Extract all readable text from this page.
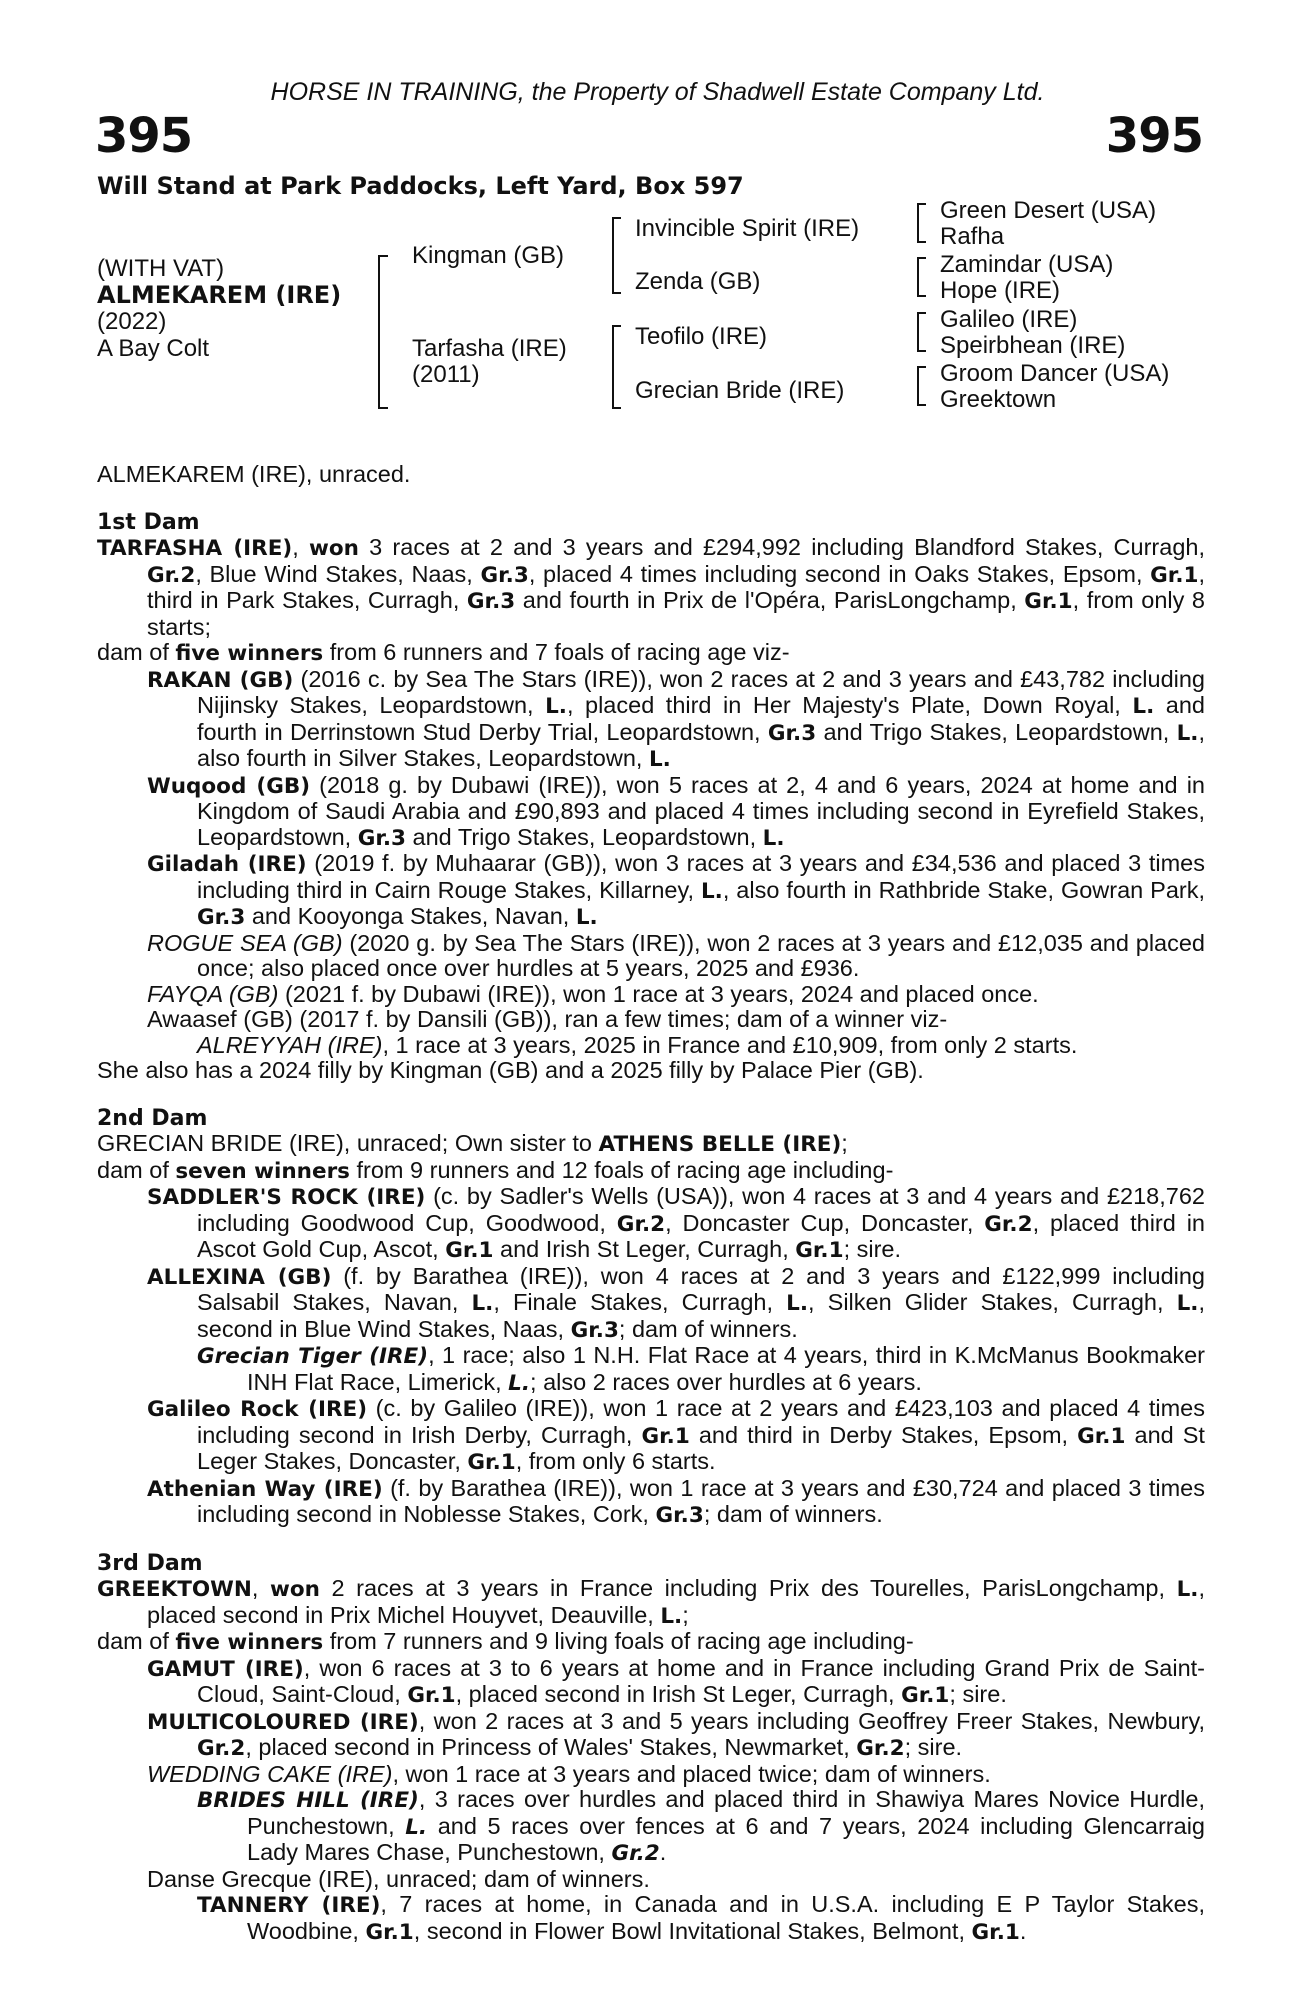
HORSE IN TRAINING, the Property of Shadwell Estate Company Ltd.
395	395
Will Stand at Park Paddocks, Left Yard, Box 597
(WITH VAT)
ALMEKAREM (IRE)
(2022)
A Bay Colt
Kingman (GB)
Tarfasha (IRE)
(2011)
Invincible Spirit (IRE)
Zenda (GB)
Teofilo (IRE)
Grecian Bride (IRE)
Green Desert (USA)
Rafha
Zamindar (USA)
Hope (IRE)
Galileo (IRE)
Speirbhean (IRE)
Groom Dancer (USA)
Greektown

ALMEKAREM (IRE), unraced.

1st Dam

TARFASHA (IRE), won 3 races at 2 and 3 years and £294,992 including Blandford Stakes, Curragh, Gr.2, Blue Wind Stakes, Naas, Gr.3, placed 4 times including second in Oaks Stakes, Epsom, Gr.1, third in Park Stakes, Curragh, Gr.3 and fourth in Prix de l'Opéra, ParisLongchamp, Gr.1, from only 8 starts;

dam of five winners from 6 runners and 7 foals of racing age viz-

RAKAN (GB) (2016 c. by Sea The Stars (IRE)), won 2 races at 2 and 3 years and £43,782 including Nijinsky Stakes, Leopardstown, L., placed third in Her Majesty's Plate, Down Royal, L. and fourth in Derrinstown Stud Derby Trial, Leopardstown, Gr.3 and Trigo Stakes, Leopardstown, L., also fourth in Silver Stakes, Leopardstown, L.

Wuqood (GB) (2018 g. by Dubawi (IRE)), won 5 races at 2, 4 and 6 years, 2024 at home and in Kingdom of Saudi Arabia and £90,893 and placed 4 times including second in Eyrefield Stakes, Leopardstown, Gr.3 and Trigo Stakes, Leopardstown, L.

Giladah (IRE) (2019 f. by Muhaarar (GB)), won 3 races at 3 years and £34,536 and placed 3 times including third in Cairn Rouge Stakes, Killarney, L., also fourth in Rathbride Stake, Gowran Park, Gr.3 and Kooyonga Stakes, Navan, L.

ROGUE SEA (GB) (2020 g. by Sea The Stars (IRE)), won 2 races at 3 years and £12,035 and placed once; also placed once over hurdles at 5 years, 2025 and £936.

FAYQA (GB) (2021 f. by Dubawi (IRE)), won 1 race at 3 years, 2024 and placed once.

Awaasef (GB) (2017 f. by Dansili (GB)), ran a few times; dam of a winner viz-

ALREYYAH (IRE), 1 race at 3 years, 2025 in France and £10,909, from only 2 starts.

She also has a 2024 filly by Kingman (GB) and a 2025 filly by Palace Pier (GB).

2nd Dam

GRECIAN BRIDE (IRE), unraced; Own sister to ATHENS BELLE (IRE);

dam of seven winners from 9 runners and 12 foals of racing age including-

SADDLER'S ROCK (IRE) (c. by Sadler's Wells (USA)), won 4 races at 3 and 4 years and £218,762 including Goodwood Cup, Goodwood, Gr.2, Doncaster Cup, Doncaster, Gr.2, placed third in Ascot Gold Cup, Ascot, Gr.1 and Irish St Leger, Curragh, Gr.1; sire.

ALLEXINA (GB) (f. by Barathea (IRE)), won 4 races at 2 and 3 years and £122,999 including Salsabil Stakes, Navan, L., Finale Stakes, Curragh, L., Silken Glider Stakes, Curragh, L., second in Blue Wind Stakes, Naas, Gr.3; dam of winners.

Grecian Tiger (IRE), 1 race; also 1 N.H. Flat Race at 4 years, third in K.McManus Bookmaker INH Flat Race, Limerick, L.; also 2 races over hurdles at 6 years.

Galileo Rock (IRE) (c. by Galileo (IRE)), won 1 race at 2 years and £423,103 and placed 4 times including second in Irish Derby, Curragh, Gr.1 and third in Derby Stakes, Epsom, Gr.1 and St Leger Stakes, Doncaster, Gr.1, from only 6 starts.

Athenian Way (IRE) (f. by Barathea (IRE)), won 1 race at 3 years and £30,724 and placed 3 times including second in Noblesse Stakes, Cork, Gr.3; dam of winners.

3rd Dam

GREEKTOWN, won 2 races at 3 years in France including Prix des Tourelles, ParisLongchamp, L., placed second in Prix Michel Houyvet, Deauville, L.;

dam of five winners from 7 runners and 9 living foals of racing age including-

GAMUT (IRE), won 6 races at 3 to 6 years at home and in France including Grand Prix de Saint-Cloud, Saint-Cloud, Gr.1, placed second in Irish St Leger, Curragh, Gr.1; sire.

MULTICOLOURED (IRE), won 2 races at 3 and 5 years including Geoffrey Freer Stakes, Newbury, Gr.2, placed second in Princess of Wales' Stakes, Newmarket, Gr.2; sire.

WEDDING CAKE (IRE), won 1 race at 3 years and placed twice; dam of winners.

BRIDES HILL (IRE), 3 races over hurdles and placed third in Shawiya Mares Novice Hurdle, Punchestown, L. and 5 races over fences at 6 and 7 years, 2024 including Glencarraig Lady Mares Chase, Punchestown, Gr.2.

Danse Grecque (IRE), unraced; dam of winners.

TANNERY (IRE), 7 races at home, in Canada and in U.S.A. including E P Taylor Stakes, Woodbine, Gr.1, second in Flower Bowl Invitational Stakes, Belmont, Gr.1.
